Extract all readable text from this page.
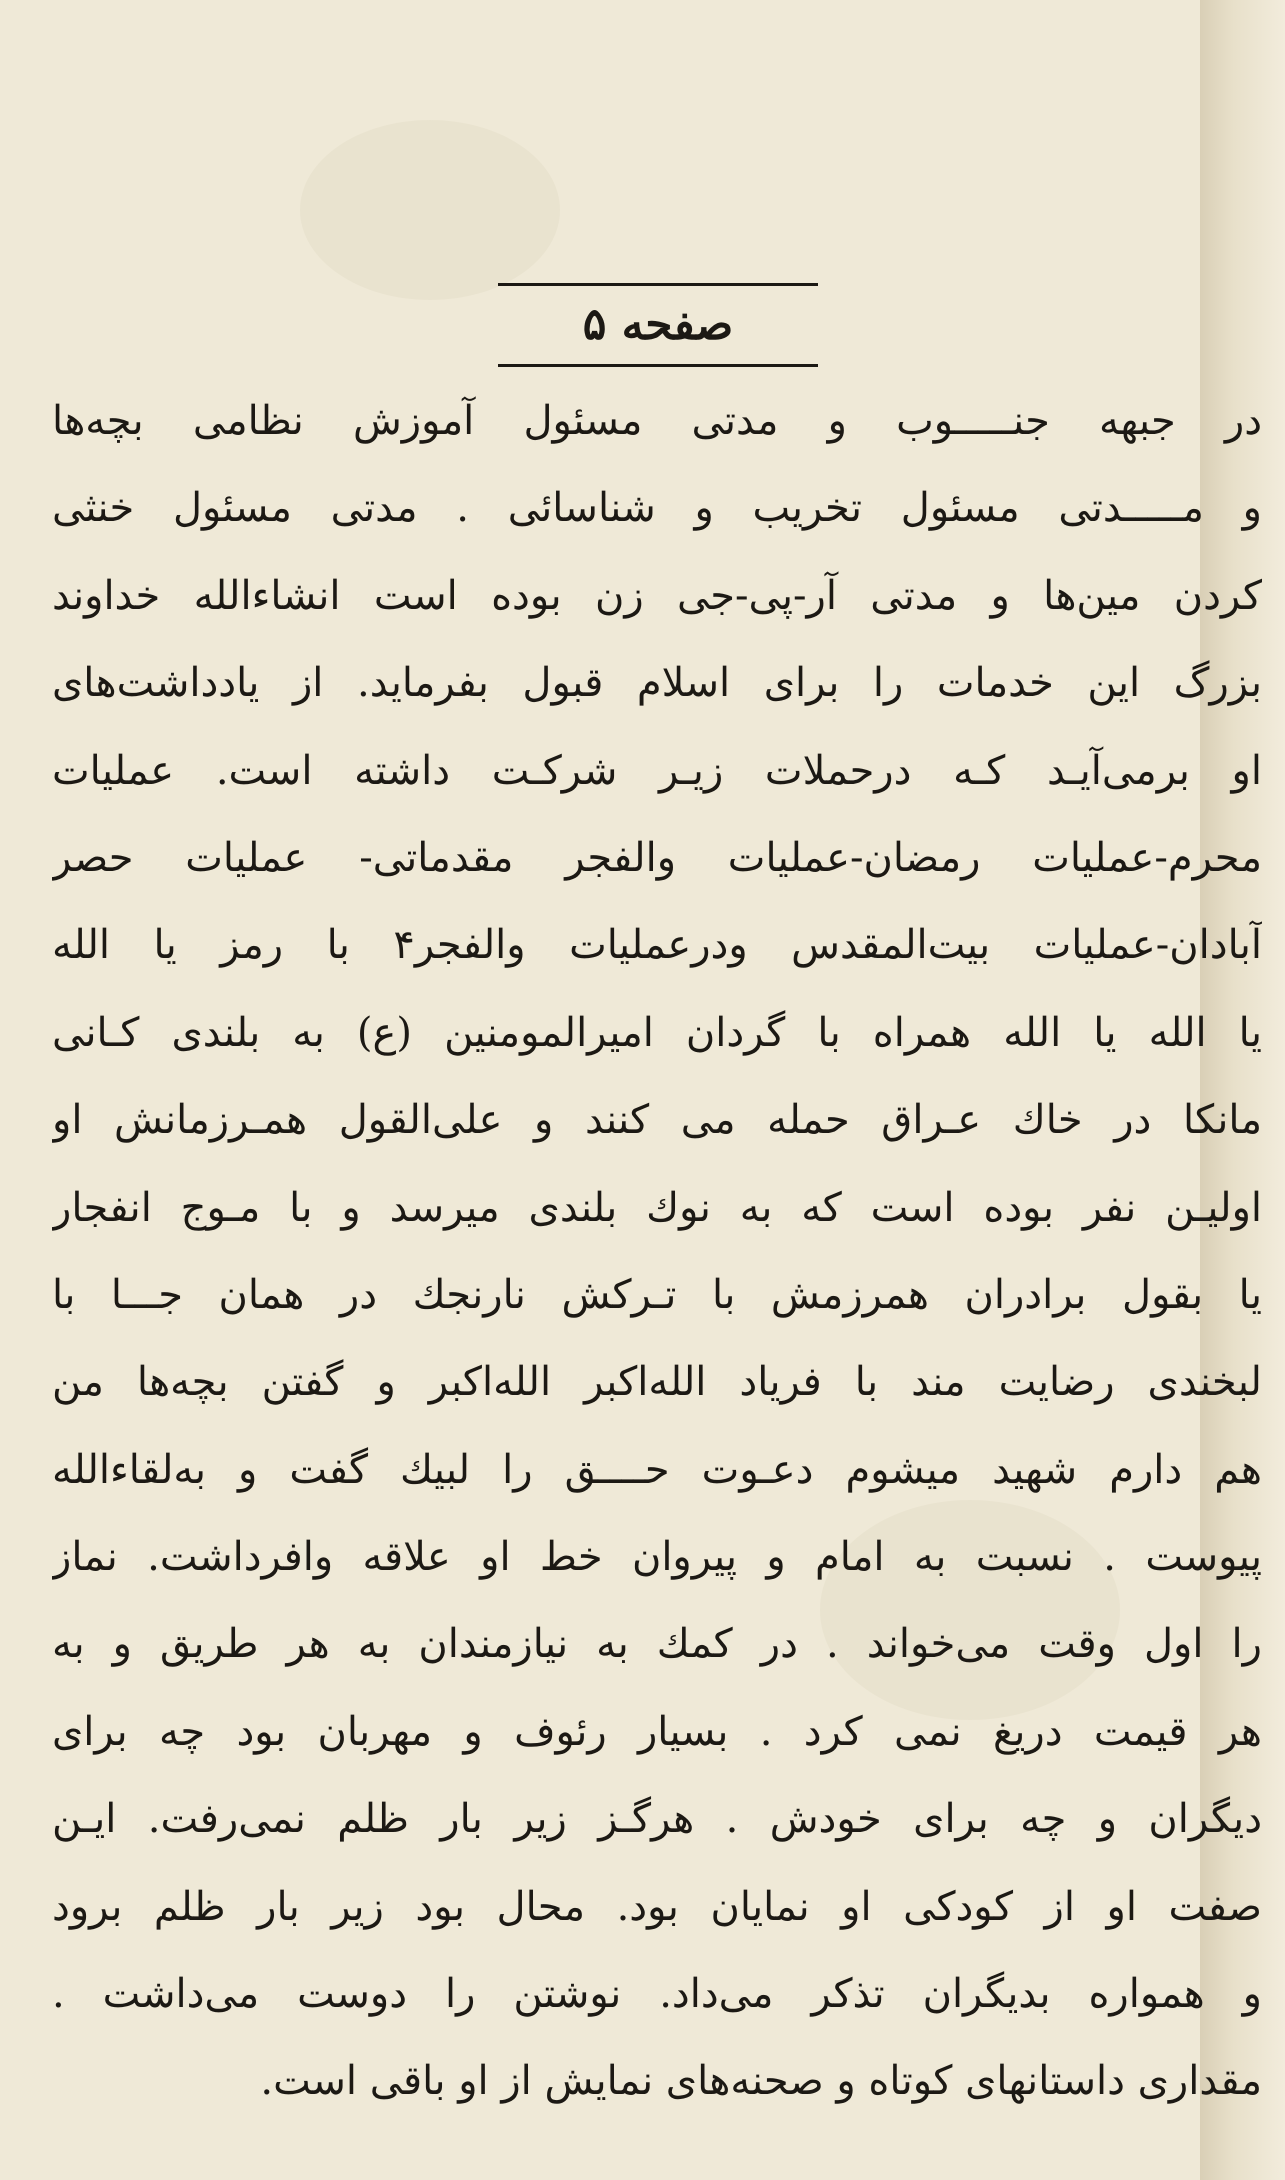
صفحه ۵
در جبهه جنـــــوب و مدتی مسئول آموزش نظامی بچه‌ها
و مـــــدتی مسئول تخریب و شناسائی . مدتی مسئول خنثی
کردن مین‌ها و مدتی آر-پی-جی زن بوده است انشاءالله خداوند
بزرگ این خدمات را برای اسلام قبول بفرماید. از یادداشت‌های
او برمی‌آیـد کـه درحملات زیـر شرکـت داشته است. عملیات
محرم-عملیات رمضان-عملیات والفجر مقدماتی- عملیات حصر
آبادان-عملیات بیت‌المقدس ودرعملیات والفجر۴ با رمز یا الله
یا الله یا الله همراه با گردان امیرالمومنین (ع) به بلندی کـانی
مانکا در خاك عـراق حمله می کنند و علی‌القول همـرزمانش او
اولیـن نفر بوده است که به نوك بلندی میرسد و با مـوج انفجار
یا بقول برادران همرزمش با تـرکش نارنجك در همان جـــا با
لبخندی رضایت مند با فریاد الله‌اکبر الله‌اکبر و گفتن بچه‌ها من
هم دارم شهید میشوم دعـوت حــــق را لبیك گفت و به‌لقاءالله
پیوست . نسبت به امام و پیروان خط او علاقه وافرداشت. نماز
را اول وقت می‌خواند . در کمك به نیازمندان به هر طریق و به
هر قیمت دریغ نمی کرد . بسیار رئوف و مهربان بود چه برای
دیگران و چه برای خودش . هرگـز زیر بار ظلم نمی‌رفت. ایـن
صفت او از کودکی او نمایان بود. محال بود زیر بار ظلم برود
و همواره بدیگران تذکر می‌داد. نوشتن را دوست می‌داشت .
مقداری داستانهای کوتاه و صحنه‌های نمایش از او باقی است.
